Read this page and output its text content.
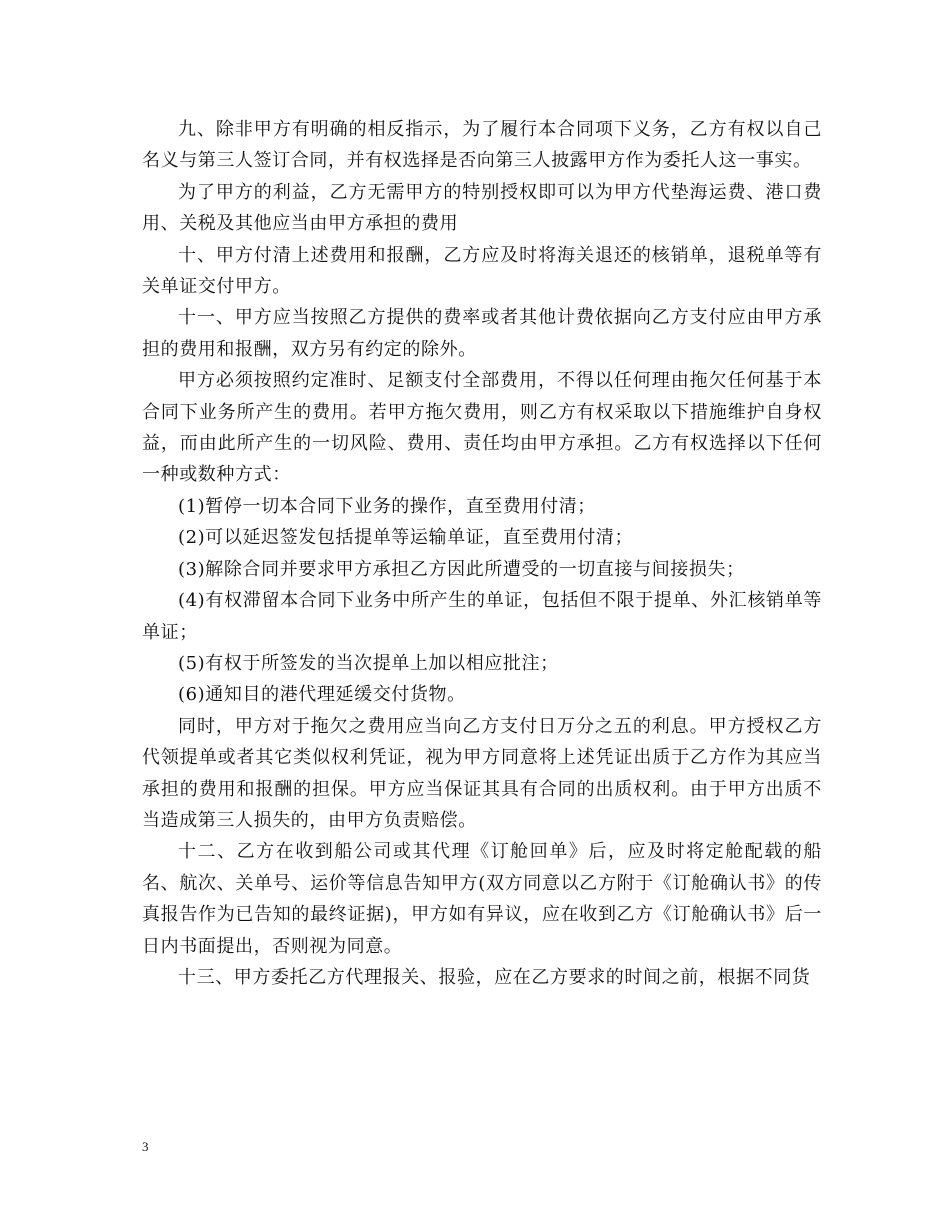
九、除非甲方有明确的相反指示，为了履行本合同项下义务，乙方有权以自己名义与第三人签订合同，并有权选择是否向第三人披露甲方作为委托人这一事实。

为了甲方的利益，乙方无需甲方的特别授权即可以为甲方代垫海运费、港口费用、关税及其他应当由甲方承担的费用

十、甲方付清上述费用和报酬，乙方应及时将海关退还的核销单，退税单等有关单证交付甲方。

十一、甲方应当按照乙方提供的费率或者其他计费依据向乙方支付应由甲方承担的费用和报酬，双方另有约定的除外。

甲方必须按照约定准时、足额支付全部费用，不得以任何理由拖欠任何基于本合同下业务所产生的费用。若甲方拖欠费用，则乙方有权采取以下措施维护自身权益，而由此所产生的一切风险、费用、责任均由甲方承担。乙方有权选择以下任何一种或数种方式：

(1)暂停一切本合同下业务的操作，直至费用付清；

(2)可以延迟签发包括提单等运输单证，直至费用付清；

(3)解除合同并要求甲方承担乙方因此所遭受的一切直接与间接损失；

(4)有权滞留本合同下业务中所产生的单证，包括但不限于提单、外汇核销单等单证；

(5)有权于所签发的当次提单上加以相应批注；

(6)通知目的港代理延缓交付货物。

同时，甲方对于拖欠之费用应当向乙方支付日万分之五的利息。甲方授权乙方代领提单或者其它类似权利凭证，视为甲方同意将上述凭证出质于乙方作为其应当承担的费用和报酬的担保。甲方应当保证其具有合同的出质权利。由于甲方出质不当造成第三人损失的，由甲方负责赔偿。

十二、乙方在收到船公司或其代理《订舱回单》后，应及时将定舱配载的船名、航次、关单号、运价等信息告知甲方(双方同意以乙方附于《订舱确认书》的传真报告作为已告知的最终证据)，甲方如有异议，应在收到乙方《订舱确认书》后一日内书面提出，否则视为同意。

十三、甲方委托乙方代理报关、报验，应在乙方要求的时间之前，根据不同货

3
